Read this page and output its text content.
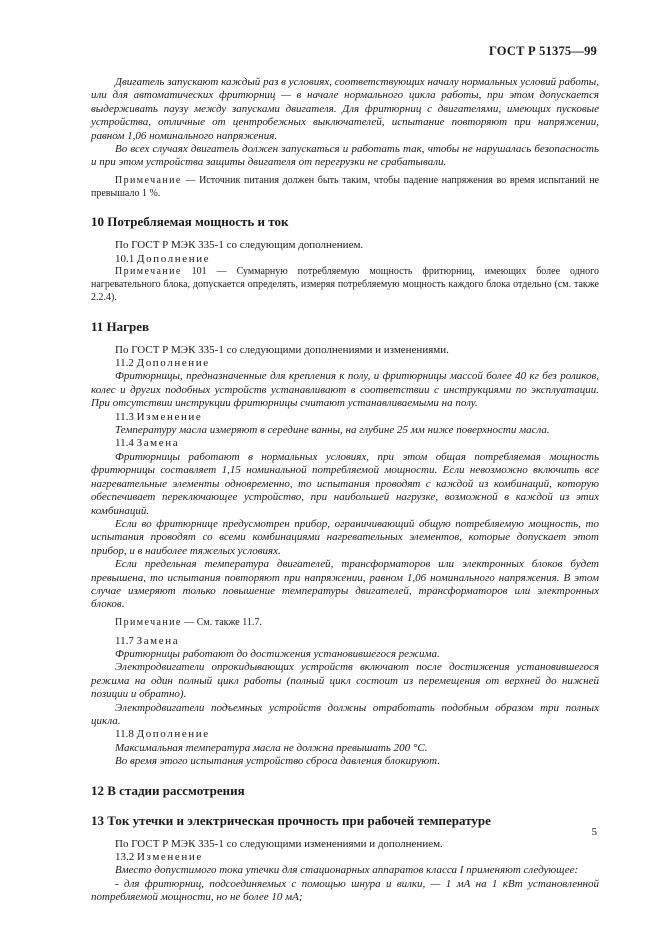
ГОСТ Р 51375—99

Двигатель запускают каждый раз в условиях, соответствующих началу нормальных условий работы, или для автоматических фритюрниц — в начале нормального цикла работы, при этом допускается выдерживать паузу между запусками двигателя. Для фритюрниц с двигателями, имеющих пусковые устройства, отличные от центробежных выключателей, испытание повторяют при напряжении, равном 1,06 номинального напряжения.

Во всех случаях двигатель должен запускаться и работать так, чтобы не нарушалась безопасность и при этом устройства защиты двигателя от перегрузки не срабатывали.

Примечание — Источник питания должен быть таким, чтобы падение напряжения во время испытаний не превышало 1 %.

10 Потребляемая мощность и ток

По ГОСТ Р МЭК 335-1 со следующим дополнением.

10.1 Дополнение

Примечание 101 — Суммарную потребляемую мощность фритюрниц, имеющих более одного нагревательного блока, допускается определять, измеряя потребляемую мощность каждого блока отдельно (см. также 2.2.4).

11 Нагрев

По ГОСТ Р МЭК 335-1 со следующими дополнениями и изменениями.

11.2 Дополнение

Фритюрницы, предназначенные для крепления к полу, и фритюрницы массой более 40 кг без роликов, колес и других подобных устройств устанавливают в соответствии с инструкциями по эксплуатации. При отсутствии инструкции фритюрницы считают устанавливаемыми на полу.

11.3 Изменение

Температуру масла измеряют в середине ванны, на глубине 25 мм ниже поверхности масла.

11.4 Замена

Фритюрницы работают в нормальных условиях, при этом общая потребляемая мощность фритюрницы составляет 1,15 номинальной потребляемой мощности. Если невозможно включить все нагревательные элементы одновременно, то испытания проводят с каждой из комбинаций, которую обеспечивает переключающее устройство, при наибольшей нагрузке, возможной в каждой из этих комбинаций.

Если во фритюрнице предусмотрен прибор, ограничивающий общую потребляемую мощность, то испытания проводят со всеми комбинациями нагревательных элементов, которые допускает этот прибор, и в наиболее тяжелых условиях.

Если предельная температура двигателей, трансформаторов или электронных блоков будет превышена, то испытания повторяют при напряжении, равном 1,06 номинального напряжения. В этом случае измеряют только повышение температуры двигателей, трансформаторов или электронных блоков.

Примечание — См. также 11.7.

11.7 Замена

Фритюрницы работают до достижения установившегося режима.

Электродвигатели опрокидывающих устройств включают после достижения установившегося режима на один полный цикл работы (полный цикл состоит из перемещения от верхней до нижней позиции и обратно).

Электродвигатели подъемных устройств должны отработать подобным образом три полных цикла.

11.8 Дополнение

Максимальная температура масла не должна превышать 200 °С.

Во время этого испытания устройство сброса давления блокируют.

12 В стадии рассмотрения

13 Ток утечки и электрическая прочность при рабочей температуре

По ГОСТ Р МЭК 335-1 со следующими изменениями и дополнением.

13.2 Изменение

Вместо допустимого тока утечки для стационарных аппаратов класса I применяют следующее:

- для фритюрниц, подсоединяемых с помощью шнура и вилки, — 1 мА на 1 кВт установленной потребляемой мощности, но не более 10 мА;

5
